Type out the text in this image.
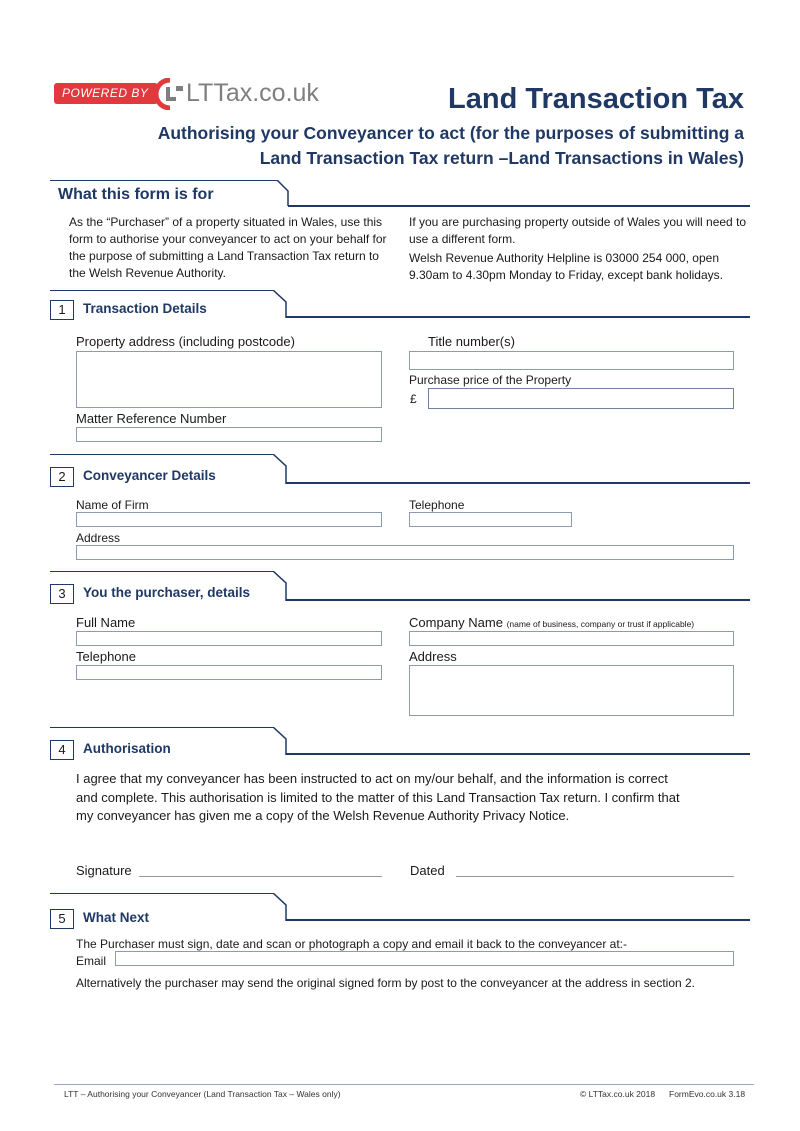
POWERED BY	LTTax.co.uk	Land Transaction Tax
Authorising your Conveyancer to act (for the purposes of submitting a
Land Transaction Tax return –Land Transactions in Wales)
What this form is for
As the “Purchaser” of a property situated in Wales, use this form to authorise your conveyancer to act on your behalf for the purpose of submitting a Land Transaction Tax return to the Welsh Revenue Authority.
If you are purchasing property outside of Wales you will need to use a different form.
Welsh Revenue Authority Helpline is 03000 254 000, open 9.30am to 4.30pm Monday to Friday, except bank holidays.
1	Transaction Details
Property address (including postcode)	Title number(s)
Purchase price of the Property
£
Matter Reference Number
2	Conveyancer Details
Name of Firm	Telephone
Address
3	You the purchaser, details
Full Name	Company Name (name of business, company or trust if applicable)
Telephone	Address
4	Authorisation
I agree that my conveyancer has been instructed to act on my/our behalf, and the information is correct
and complete. This authorisation is limited to the matter of this Land Transaction Tax return. I confirm that
my conveyancer has given me a copy of the Welsh Revenue Authority Privacy Notice.
Signature	Dated
5	What Next
The Purchaser must sign, date and scan or photograph a copy and email it back to the conveyancer at:-
Email
Alternatively the purchaser may send the original signed form by post to the conveyancer at the address in section 2.
LTT – Authorising your Conveyancer (Land Transaction Tax – Wales only)	© LTTax.co.uk 2018 FormEvo.co.uk 3.18
